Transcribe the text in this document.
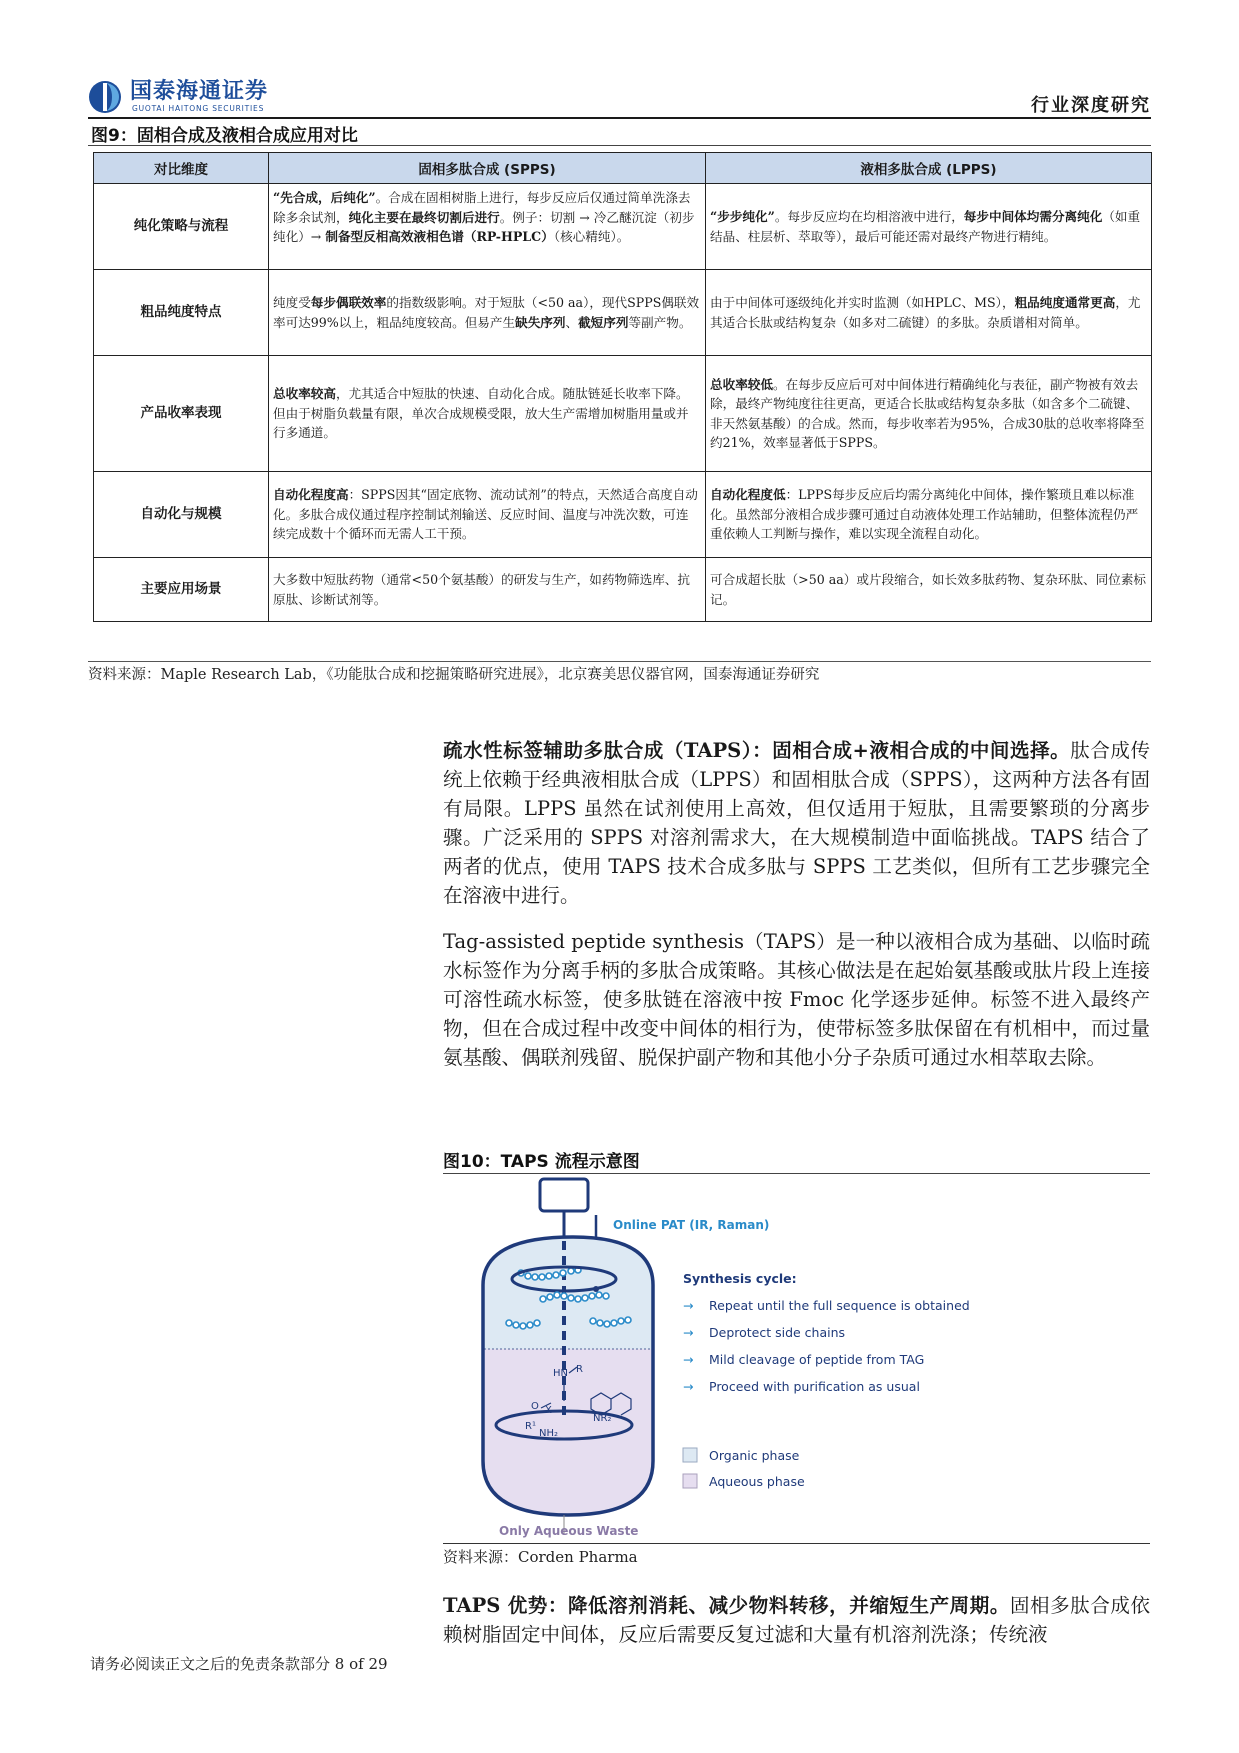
国泰海通证券
GUOTAI HAITONG SECURITIES	行业深度研究
图9：固相合成及液相合成应用对比
对比维度	固相多肽合成 (SPPS)	液相多肽合成 (LPPS)
纯化策略与流程	“先合成，后纯化”。合成在固相树脂上进行，每步反应后仅通过简单洗涤去除多余试剂，纯化主要在最终切割后进行。例子：切割 → 冷乙醚沉淀（初步纯化）→ 制备型反相高效液相色谱（RP-HPLC）（核心精纯）。	“步步纯化”。每步反应均在均相溶液中进行，每步中间体均需分离纯化（如重结晶、柱层析、萃取等），最后可能还需对最终产物进行精纯。
粗品纯度特点	纯度受每步偶联效率的指数级影响。对于短肽（<50 aa），现代SPPS偶联效率可达99%以上，粗品纯度较高。但易产生缺失序列、截短序列等副产物。	由于中间体可逐级纯化并实时监测（如HPLC、MS），粗品纯度通常更高，尤其适合长肽或结构复杂（如多对二硫键）的多肽。杂质谱相对简单。
产品收率表现	总收率较高，尤其适合中短肽的快速、自动化合成。随肽链延长收率下降。但由于树脂负载量有限，单次合成规模受限，放大生产需增加树脂用量或并行多通道。	总收率较低。在每步反应后可对中间体进行精确纯化与表征，副产物被有效去除，最终产物纯度往往更高，更适合长肽或结构复杂多肽（如含多个二硫键、非天然氨基酸）的合成。然而，每步收率若为95%，合成30肽的总收率将降至约21%，效率显著低于SPPS。
自动化与规模	自动化程度高：SPPS因其“固定底物、流动试剂”的特点，天然适合高度自动化。多肽合成仪通过程序控制试剂输送、反应时间、温度与冲洗次数，可连续完成数十个循环而无需人工干预。	自动化程度低：LPPS每步反应后均需分离纯化中间体，操作繁琐且难以标准化。虽然部分液相合成步骤可通过自动液体处理工作站辅助，但整体流程仍严重依赖人工判断与操作，难以实现全流程自动化。
主要应用场景	大多数中短肽药物（通常<50个氨基酸）的研发与生产，如药物筛选库、抗原肽、诊断试剂等。	可合成超长肽（>50 aa）或片段缩合，如长效多肽药物、复杂环肽、同位素标记。
资料来源：Maple Research Lab，《功能肽合成和挖掘策略研究进展》，北京赛美思仪器官网，国泰海通证券研究
疏水性标签辅助多肽合成（TAPS）：固相合成+液相合成的中间选择。肽合成传统上依赖于经典液相肽合成（LPPS）和固相肽合成（SPPS），这两种方法各有固有局限。LPPS 虽然在试剂使用上高效，但仅适用于短肽，且需要繁琐的分离步骤。广泛采用的 SPPS 对溶剂需求大，在大规模制造中面临挑战。TAPS 结合了两者的优点，使用 TAPS 技术合成多肽与 SPPS 工艺类似，但所有工艺步骤完全在溶液中进行。
Tag-assisted peptide synthesis（TAPS）是一种以液相合成为基础、以临时疏水标签作为分离手柄的多肽合成策略。其核心做法是在起始氨基酸或肽片段上连接可溶性疏水标签，使多肽链在溶液中按 Fmoc 化学逐步延伸。标签不进入最终产物，但在合成过程中改变中间体的相行为，使带标签多肽保留在有机相中，而过量氨基酸、偶联剂残留、脱保护副产物和其他小分子杂质可通过水相萃取去除。
图10：TAPS 流程示意图
Online PAT (IR, Raman)
HN R
O X
R¹
NH₂
NR₂
Only Aqueous Waste
Synthesis cycle:
→ Repeat until the full sequence is obtained
→ Deprotect side chains
→ Mild cleavage of peptide from TAG
→ Proceed with purification as usual
Organic phase
Aqueous phase
资料来源：Corden Pharma
TAPS 优势：降低溶剂消耗、减少物料转移，并缩短生产周期。固相多肽合成依赖树脂固定中间体，反应后需要反复过滤和大量有机溶剂洗涤；传统液
请务必阅读正文之后的免责条款部分 8 of 29
